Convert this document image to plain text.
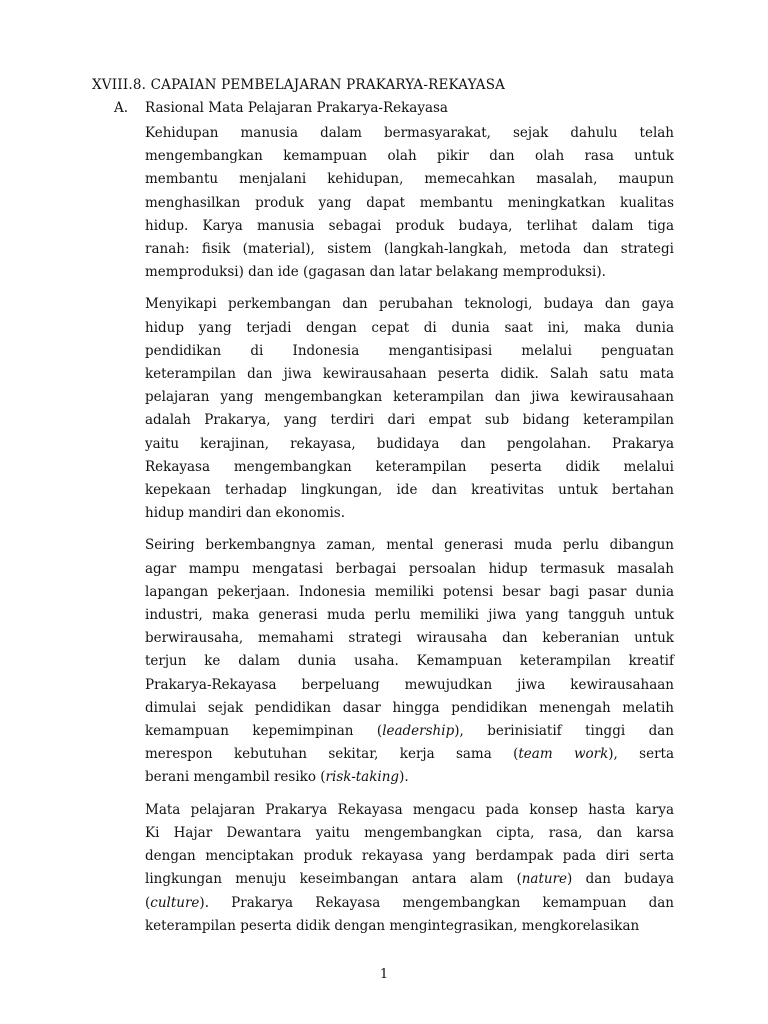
XVIII.8. CAPAIAN PEMBELAJARAN PRAKARYA-REKAYASA
A. Rasional Mata Pelajaran Prakarya-Rekayasa
Kehidupan manusia dalam bermasyarakat, sejak dahulu telah
mengembangkan kemampuan olah pikir dan olah rasa untuk
membantu menjalani kehidupan, memecahkan masalah, maupun
menghasilkan produk yang dapat membantu meningkatkan kualitas
hidup. Karya manusia sebagai produk budaya, terlihat dalam tiga
ranah: fisik (material), sistem (langkah-langkah, metoda dan strategi
memproduksi) dan ide (gagasan dan latar belakang memproduksi).
Menyikapi perkembangan dan perubahan teknologi, budaya dan gaya
hidup yang terjadi dengan cepat di dunia saat ini, maka dunia
pendidikan di Indonesia mengantisipasi melalui penguatan
keterampilan dan jiwa kewirausahaan peserta didik. Salah satu mata
pelajaran yang mengembangkan keterampilan dan jiwa kewirausahaan
adalah Prakarya, yang terdiri dari empat sub bidang keterampilan
yaitu kerajinan, rekayasa, budidaya dan pengolahan. Prakarya
Rekayasa mengembangkan keterampilan peserta didik melalui
kepekaan terhadap lingkungan, ide dan kreativitas untuk bertahan
hidup mandiri dan ekonomis.
Seiring berkembangnya zaman, mental generasi muda perlu dibangun
agar mampu mengatasi berbagai persoalan hidup termasuk masalah
lapangan pekerjaan. Indonesia memiliki potensi besar bagi pasar dunia
industri, maka generasi muda perlu memiliki jiwa yang tangguh untuk
berwirausaha, memahami strategi wirausaha dan keberanian untuk
terjun ke dalam dunia usaha. Kemampuan keterampilan kreatif
Prakarya-Rekayasa berpeluang mewujudkan jiwa kewirausahaan
dimulai sejak pendidikan dasar hingga pendidikan menengah melatih
kemampuan kepemimpinan (leadership), berinisiatif tinggi dan
merespon kebutuhan sekitar, kerja sama (team work), serta
berani mengambil resiko (risk-taking).
Mata pelajaran Prakarya Rekayasa mengacu pada konsep hasta karya
Ki Hajar Dewantara yaitu mengembangkan cipta, rasa, dan karsa
dengan menciptakan produk rekayasa yang berdampak pada diri serta
lingkungan menuju keseimbangan antara alam (nature) dan budaya
(culture). Prakarya Rekayasa mengembangkan kemampuan dan
keterampilan peserta didik dengan mengintegrasikan, mengkorelasikan
1
